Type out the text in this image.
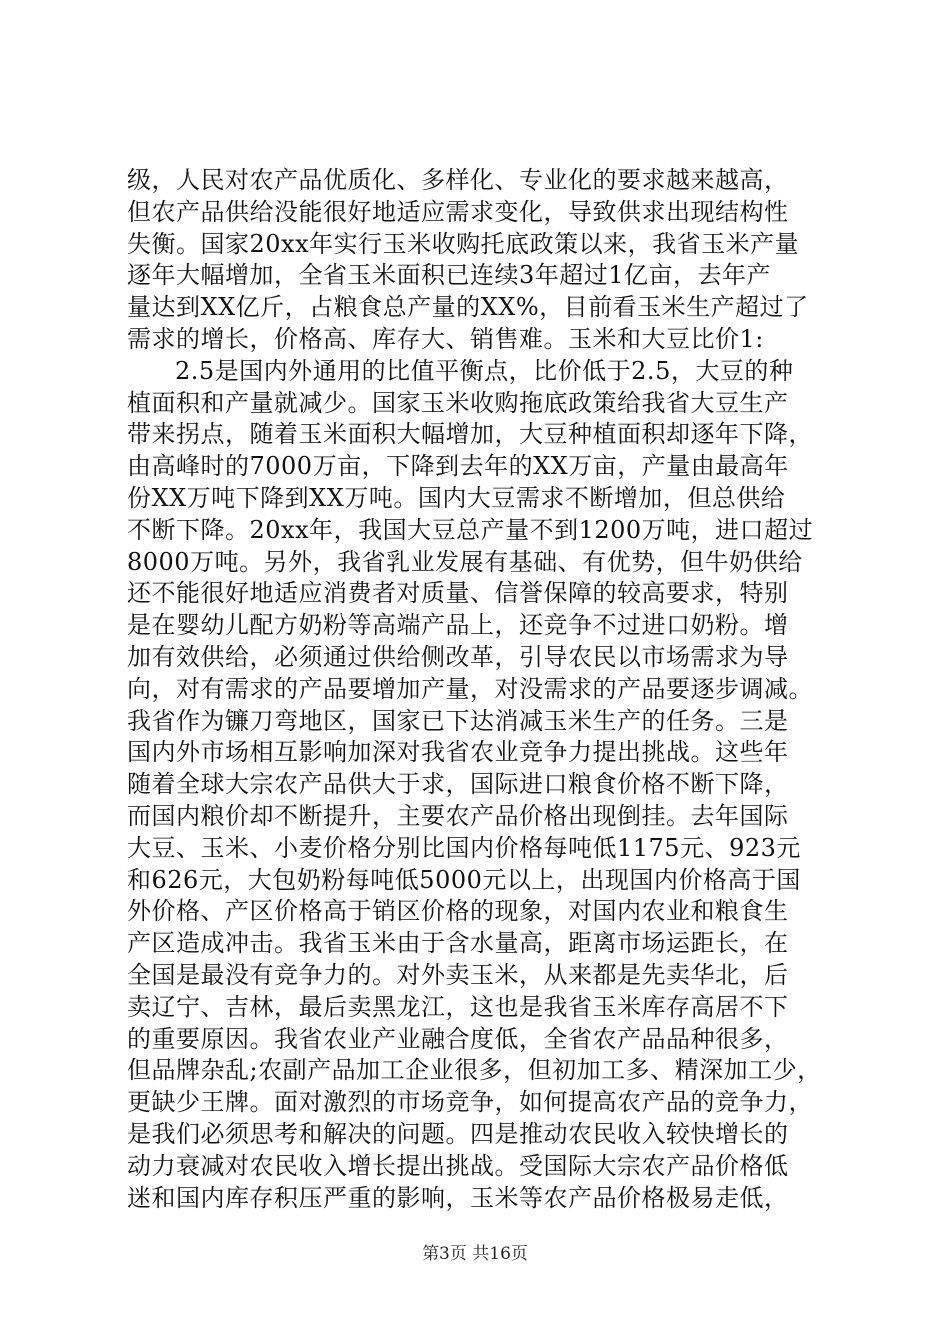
级，人民对农产品优质化、多样化、专业化的要求越来越高，
但农产品供给没能很好地适应需求变化，导致供求出现结构性
失衡。国家20xx年实行玉米收购托底政策以来，我省玉米产量
逐年大幅增加，全省玉米面积已连续3年超过1亿亩，去年产
量达到XX亿斤，占粮食总产量的XX%，目前看玉米生产超过了
需求的增长，价格高、库存大、销售难。玉米和大豆比价1:
2.5是国内外通用的比值平衡点，比价低于2.5，大豆的种
植面积和产量就减少。国家玉米收购拖底政策给我省大豆生产
带来拐点，随着玉米面积大幅增加，大豆种植面积却逐年下降，
由高峰时的7000万亩，下降到去年的XX万亩，产量由最高年
份XX万吨下降到XX万吨。国内大豆需求不断增加，但总供给
不断下降。20xx年，我国大豆总产量不到1200万吨，进口超过
8000万吨。另外，我省乳业发展有基础、有优势，但牛奶供给
还不能很好地适应消费者对质量、信誉保障的较高要求，特别
是在婴幼儿配方奶粉等高端产品上，还竞争不过进口奶粉。增
加有效供给，必须通过供给侧改革，引导农民以市场需求为导
向，对有需求的产品要增加产量，对没需求的产品要逐步调减。
我省作为镰刀弯地区，国家已下达消减玉米生产的任务。三是
国内外市场相互影响加深对我省农业竞争力提出挑战。这些年
随着全球大宗农产品供大于求，国际进口粮食价格不断下降，
而国内粮价却不断提升，主要农产品价格出现倒挂。去年国际
大豆、玉米、小麦价格分别比国内价格每吨低1175元、923元
和626元，大包奶粉每吨低5000元以上，出现国内价格高于国
外价格、产区价格高于销区价格的现象，对国内农业和粮食生
产区造成冲击。我省玉米由于含水量高，距离市场运距长，在
全国是最没有竞争力的。对外卖玉米，从来都是先卖华北，后
卖辽宁、吉林，最后卖黑龙江，这也是我省玉米库存高居不下
的重要原因。我省农业产业融合度低，全省农产品品种很多，
但品牌杂乱;农副产品加工企业很多，但初加工多、精深加工少，
更缺少王牌。面对激烈的市场竞争，如何提高农产品的竞争力，
是我们必须思考和解决的问题。四是推动农民收入较快增长的
动力衰减对农民收入增长提出挑战。受国际大宗农产品价格低
迷和国内库存积压严重的影响，玉米等农产品价格极易走低，
第3页 共16页
